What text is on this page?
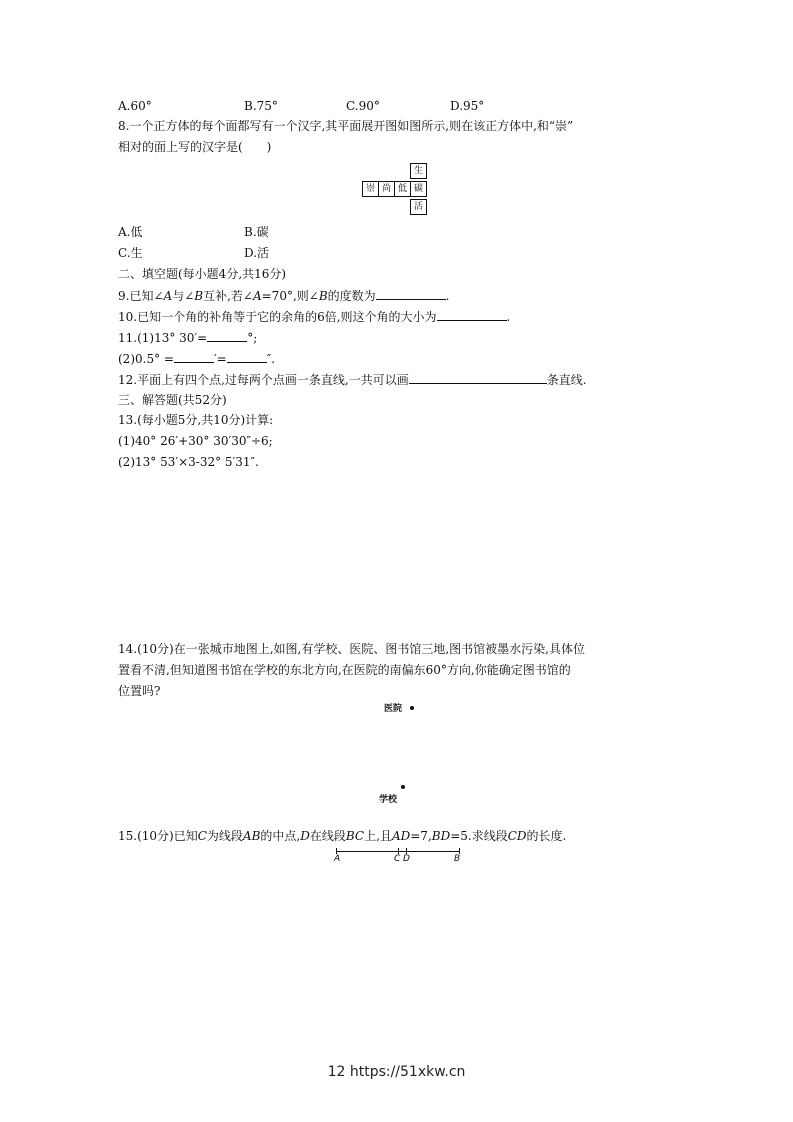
A.60°	B.75°	C.90°	D.95°
8.一个正方体的每个面都写有一个汉字,其平面展开图如图所示,则在该正方体中,和“崇”
相对的面上写的汉字是(　　)
生
崇 尚 低 碳
活
A.低	B.碳
C.生	D.活
二、填空题(每小题4分,共16分)
9.已知∠A与∠B互补,若∠A=70°,则∠B的度数为	.
10.已知一个角的补角等于它的余角的6倍,则这个角的大小为	.
11.(1)13° 30′=	°;
(2)0.5° =	′=	″.
12.平面上有四个点,过每两个点画一条直线,一共可以画	条直线.
三、解答题(共52分)
13.(每小题5分,共10分)计算:
(1)40° 26′+30° 30′30″÷6;
(2)13° 53′×3-32° 5′31″.
14.(10分)在一张城市地图上,如图,有学校、医院、图书馆三地,图书馆被墨水污染,具体位
置看不清,但知道图书馆在学校的东北方向,在医院的南偏东60°方向,你能确定图书馆的
位置吗?
医院
学校
15.(10分)已知C为线段AB的中点,D在线段BC上,且AD=7,BD=5.求线段CD的长度.
A	C D	B
12 https://51xkw.cn
